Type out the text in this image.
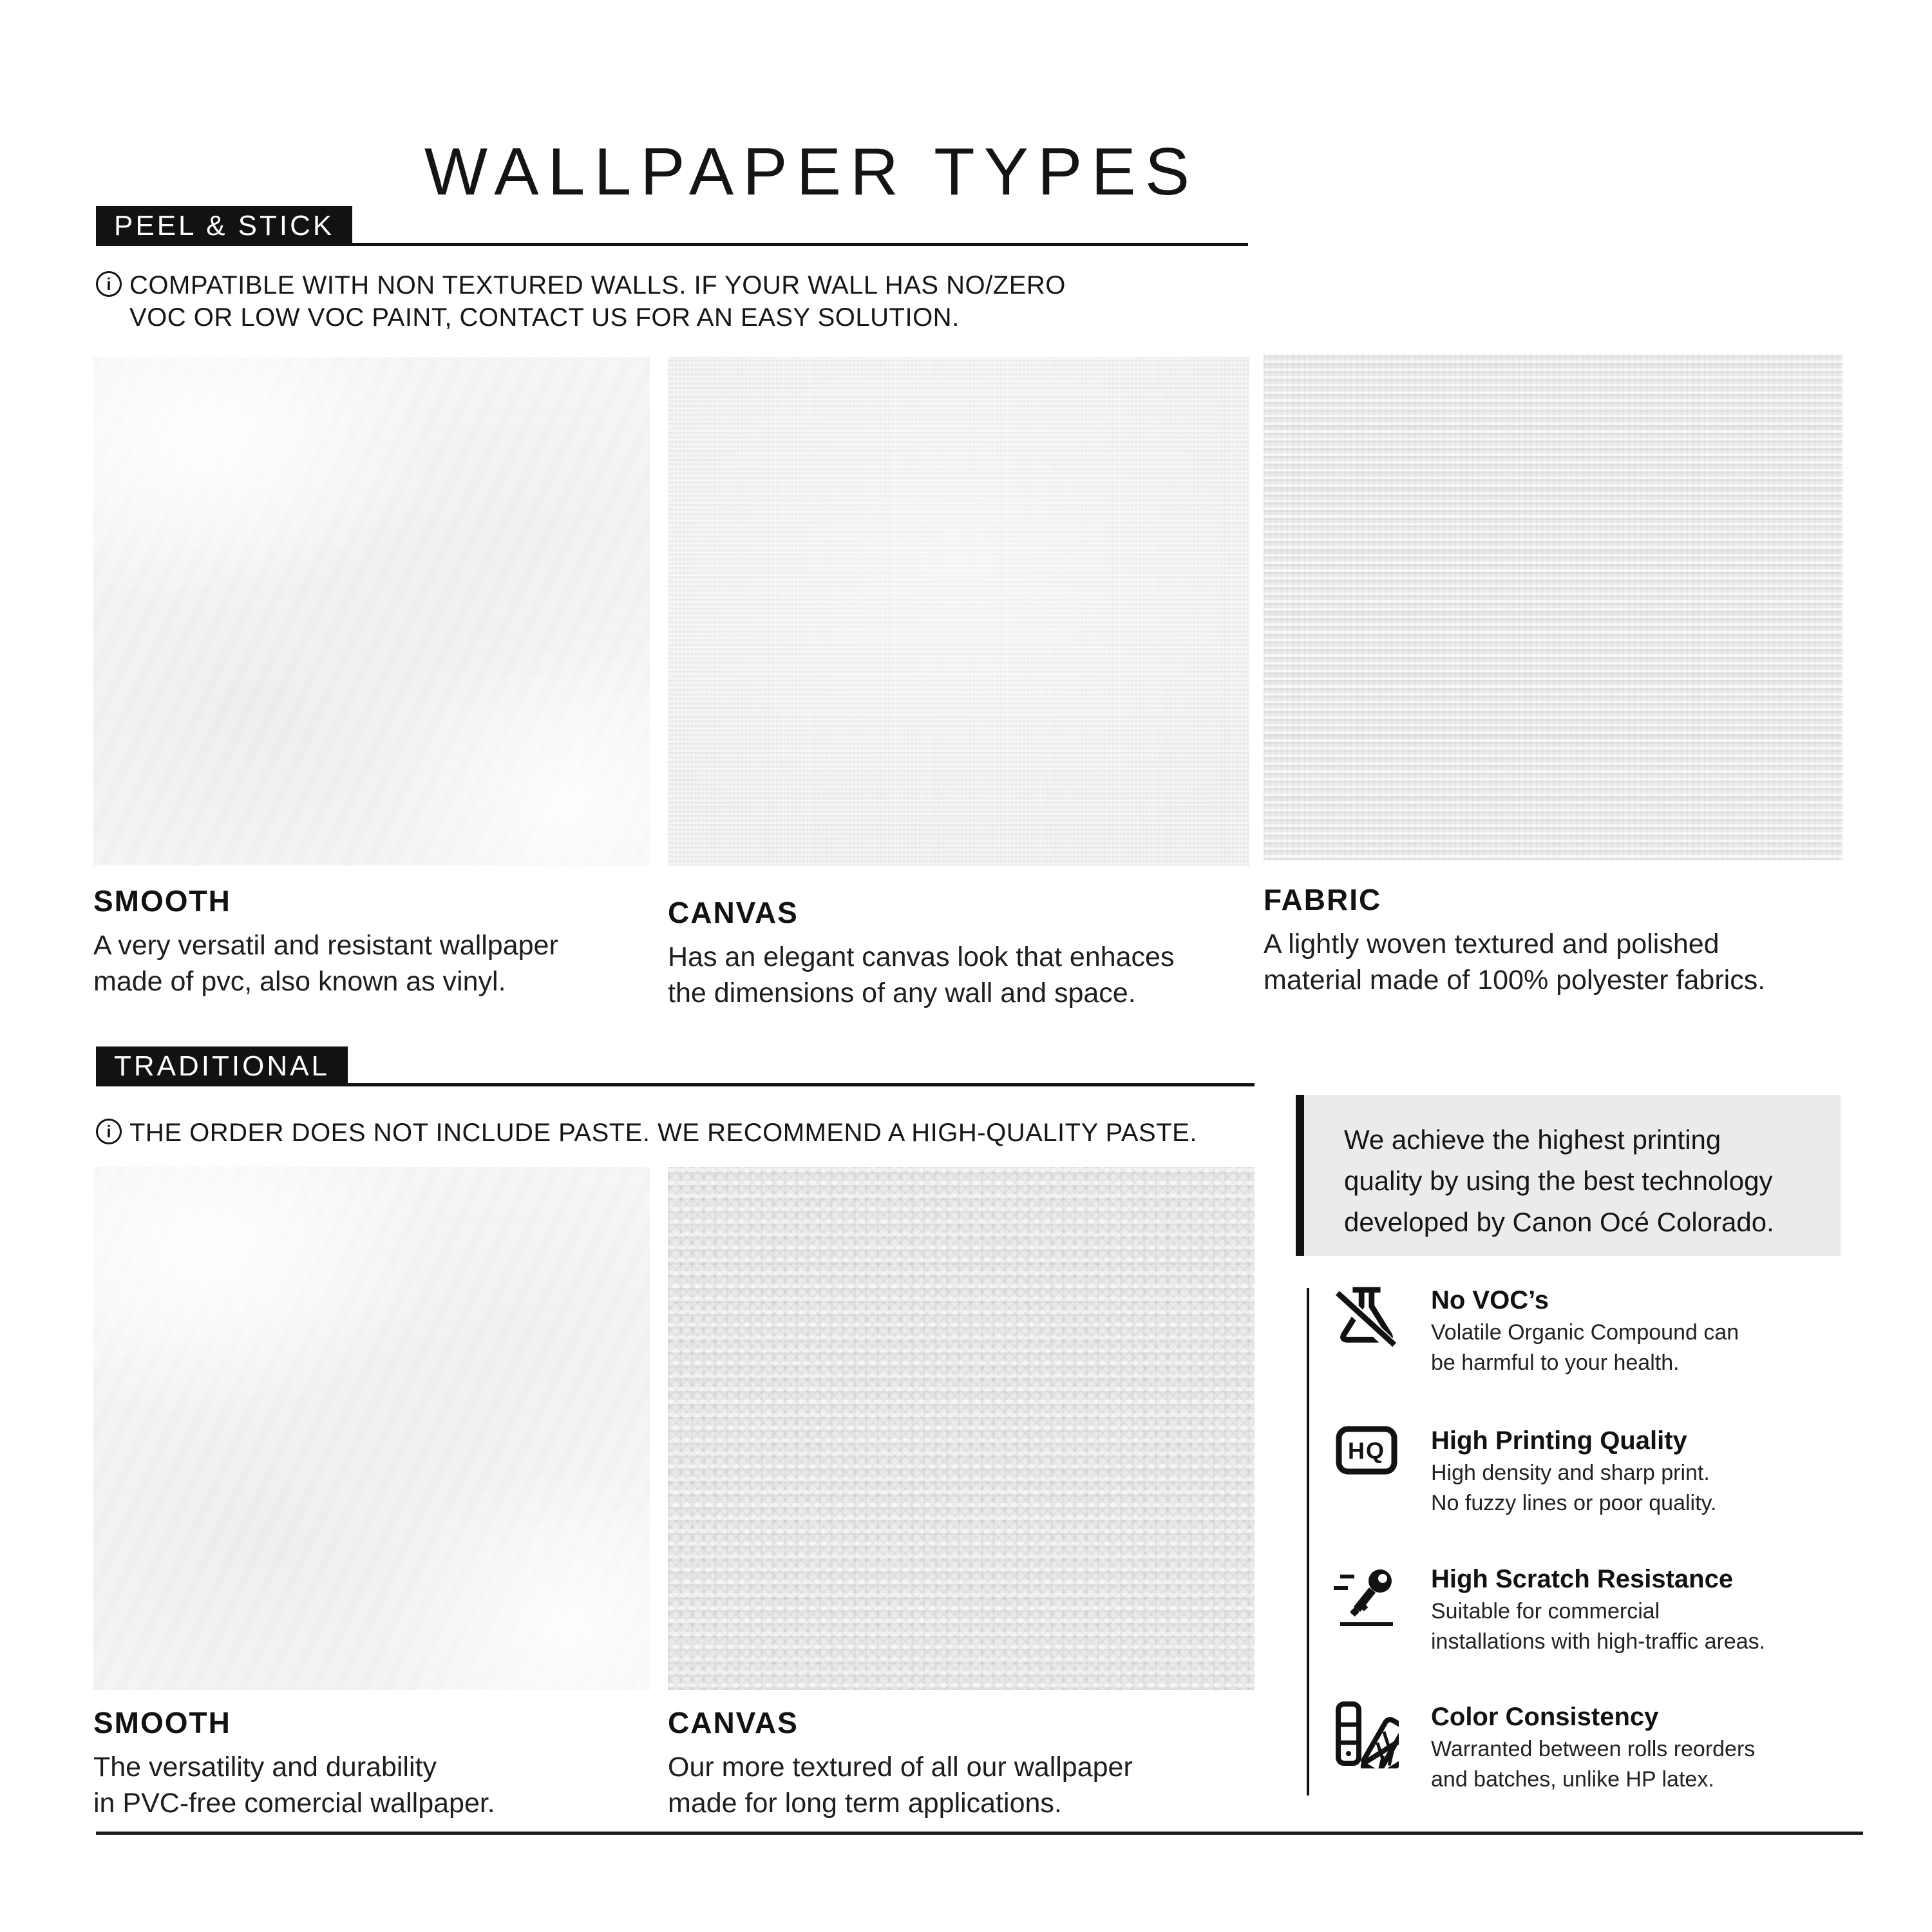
WALLPAPER TYPES
PEEL & STICK
i COMPATIBLE WITH NON TEXTURED WALLS. IF YOUR WALL HAS NO/ZERO
VOC OR LOW VOC PAINT, CONTACT US FOR AN EASY SOLUTION.
SMOOTH
A very versatil and resistant wallpaper
made of pvc, also known as vinyl.
CANVAS
Has an elegant canvas look that enhaces
the dimensions of any wall and space.
FABRIC
A lightly woven textured and polished
material made of 100% polyester fabrics.
TRADITIONAL
i THE ORDER DOES NOT INCLUDE PASTE. WE RECOMMEND A HIGH-QUALITY PASTE.
SMOOTH
The versatility and durability
in PVC-free comercial wallpaper.
CANVAS
Our more textured of all our wallpaper
made for long term applications.
We achieve the highest printing
quality by using the best technology
developed by Canon Océ Colorado.
No VOC’s
Volatile Organic Compound can
be harmful to your health.
HQ High Printing Quality
High density and sharp print.
No fuzzy lines or poor quality.
High Scratch Resistance
Suitable for commercial
installations with high-traffic areas.
Color Consistency
Warranted between rolls reorders
and batches, unlike HP latex.
